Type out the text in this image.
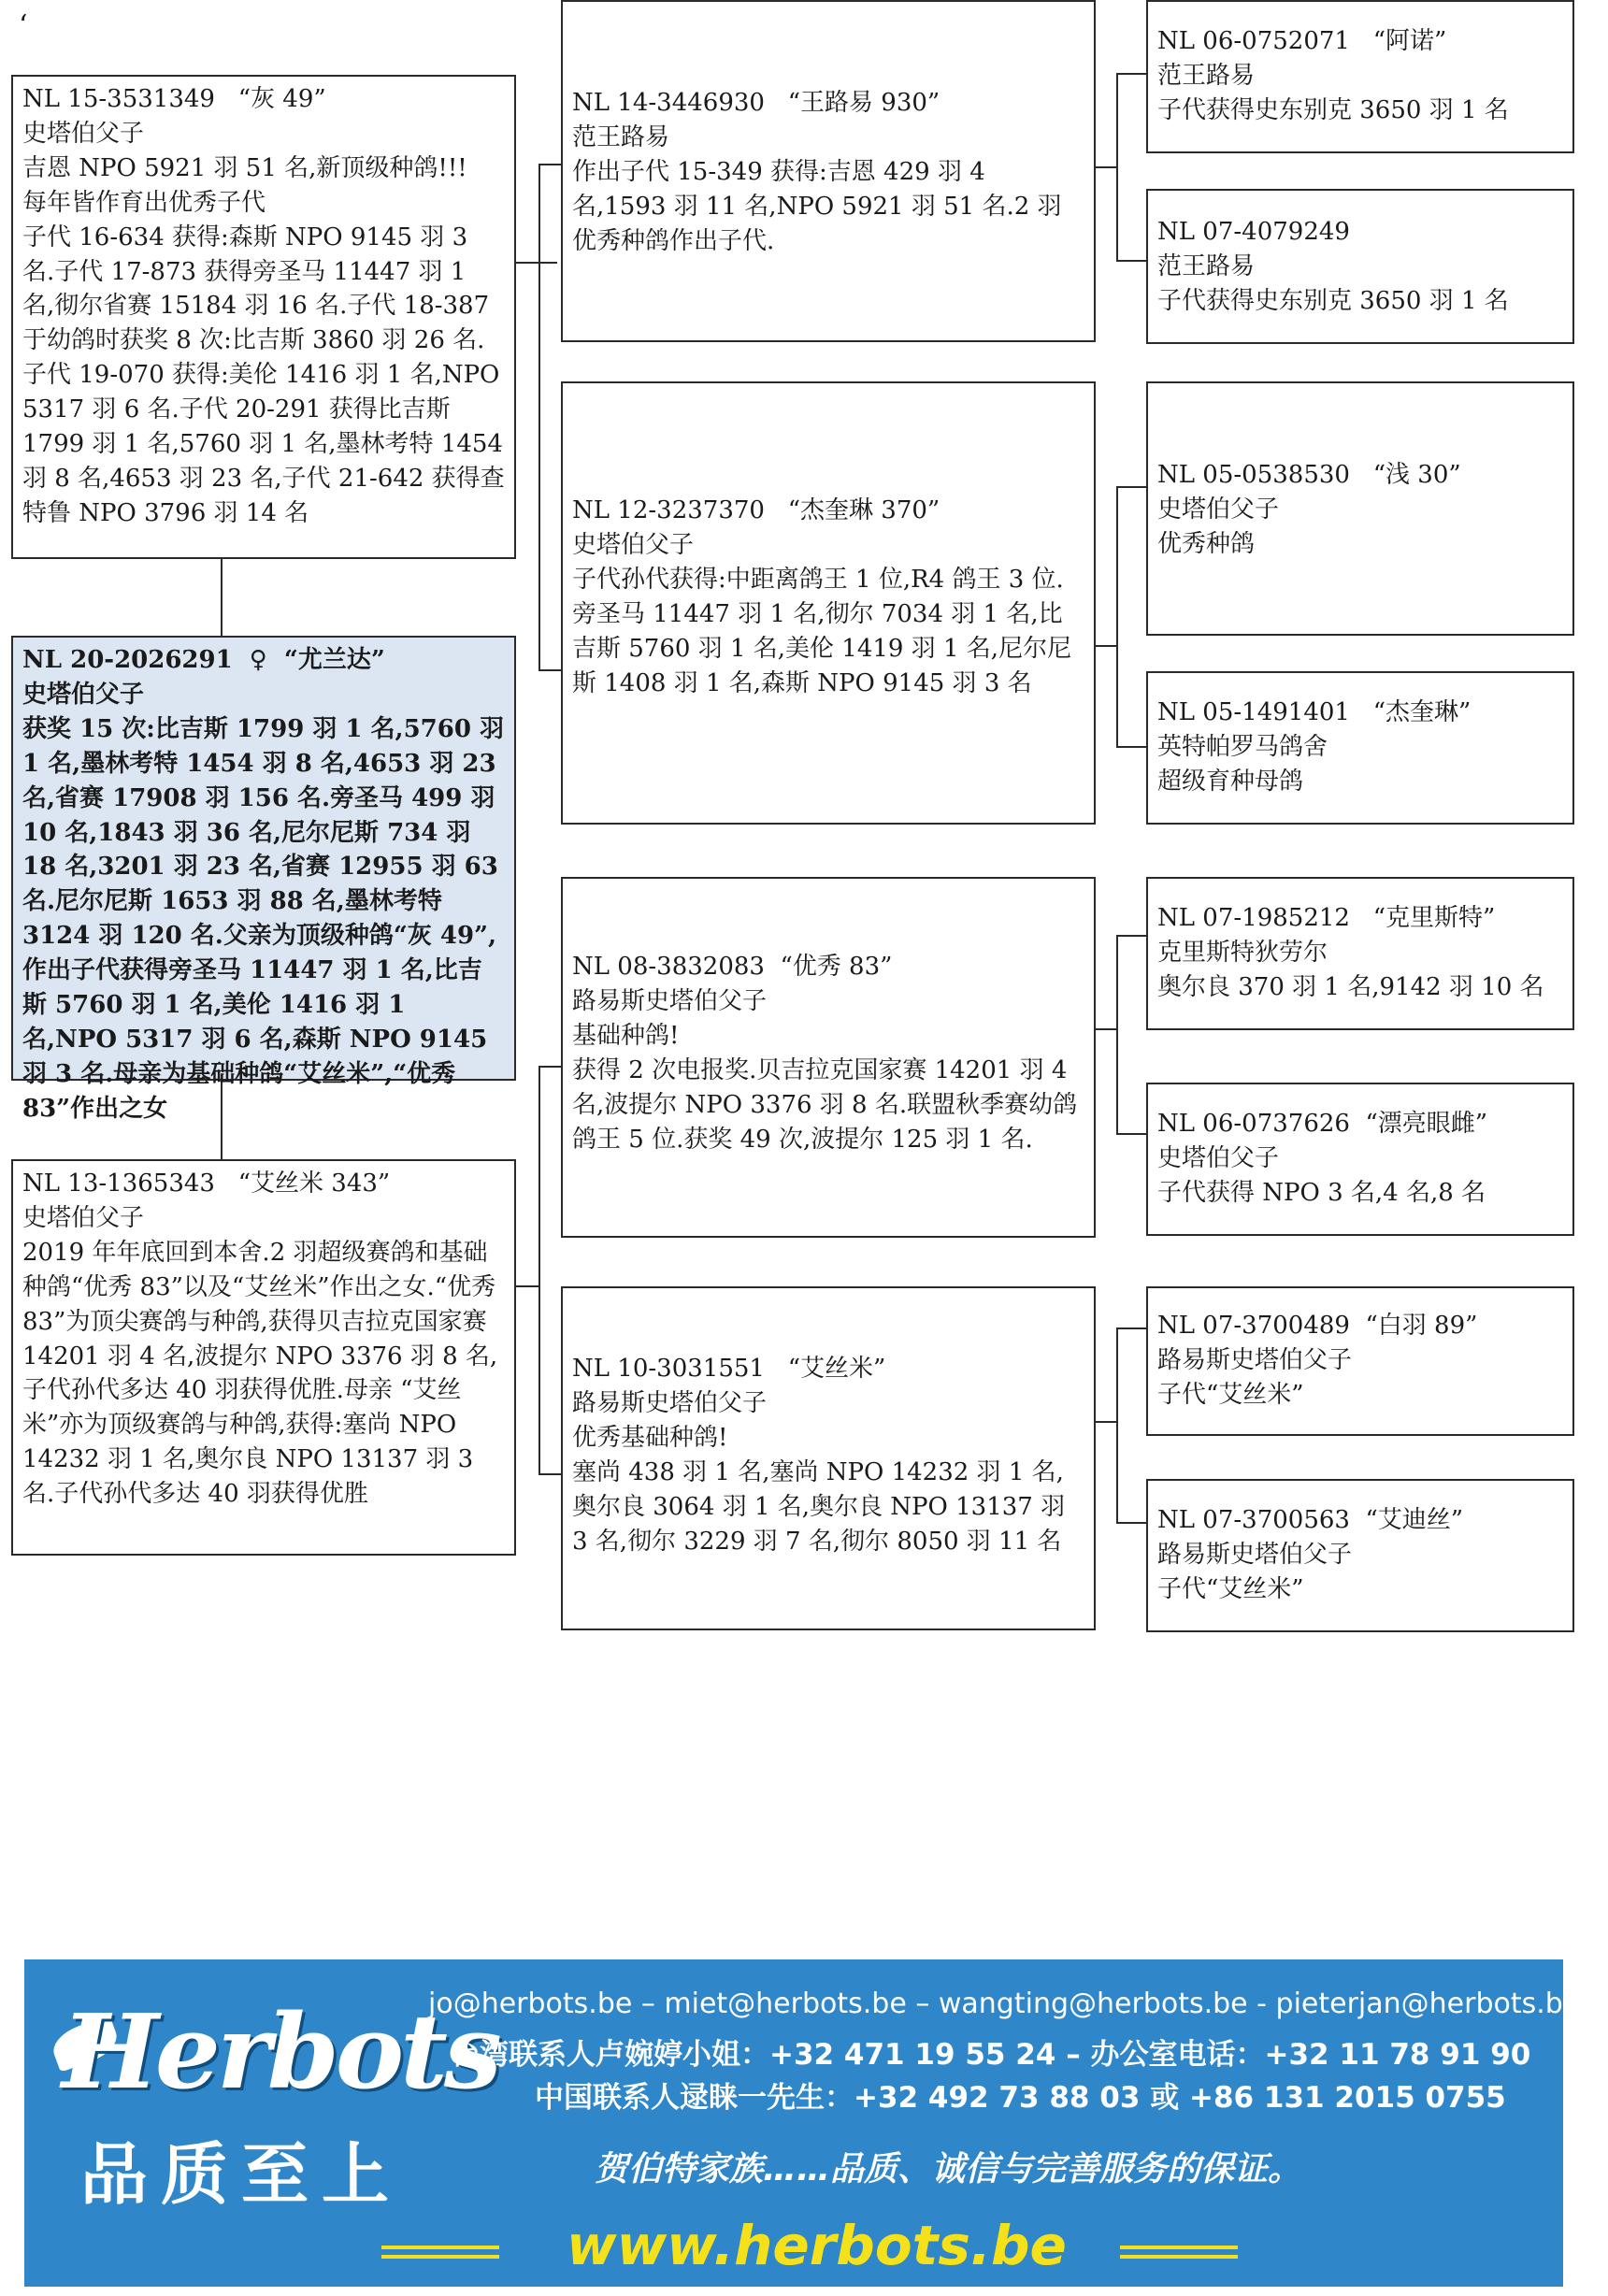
‘
NL 15-3531349   “灰 49”
史塔伯父子
吉恩 NPO 5921 羽 51 名,新顶级种鸽!!!
每年皆作育出优秀子代
子代 16-634 获得:森斯 NPO 9145 羽 3 名.子代 17-873 获得旁圣马 11447 羽 1 名,彻尔省赛 15184 羽 16 名.子代 18-387 于幼鸽时获奖 8 次:比吉斯 3860 羽 26 名.子代 19-070 获得:美伦 1416 羽 1 名,NPO 5317 羽 6 名.子代 20-291 获得比吉斯 1799 羽 1 名,5760 羽 1 名,墨林考特 1454 羽 8 名,4653 羽 23 名,子代 21-642 获得查特鲁 NPO 3796 羽 14 名
NL 20-2026291  ♀  “尤兰达”
史塔伯父子
获奖 15 次:比吉斯 1799 羽 1 名,5760 羽 1 名,墨林考特 1454 羽 8 名,4653 羽 23 名,省赛 17908 羽 156 名.旁圣马 499 羽 10 名,1843 羽 36 名,尼尔尼斯 734 羽 18 名,3201 羽 23 名,省赛 12955 羽 63 名.尼尔尼斯 1653 羽 88 名,墨林考特 3124 羽 120 名.父亲为顶级种鸽“灰 49”,作出子代获得旁圣马 11447 羽 1 名,比吉斯 5760 羽 1 名,美伦 1416 羽 1 名,NPO 5317 羽 6 名,森斯 NPO 9145 羽 3 名.母亲为基础种鸽“艾丝米”,“优秀 83”作出之女
NL 13-1365343   “艾丝米 343”
史塔伯父子
2019 年年底回到本舍.2 羽超级赛鸽和基础种鸽“优秀 83”以及“艾丝米”作出之女.“优秀 83”为顶尖赛鸽与种鸽,获得贝吉拉克国家赛 14201 羽 4 名,波提尔 NPO 3376 羽 8 名,子代孙代多达 40 羽获得优胜.母亲 “艾丝米”亦为顶级赛鸽与种鸽,获得:塞尚 NPO 14232 羽 1 名,奥尔良 NPO 13137 羽 3 名.子代孙代多达 40 羽获得优胜
NL 14-3446930   “王路易 930”
范王路易
作出子代 15-349 获得:吉恩 429 羽 4 名,1593 羽 11 名,NPO 5921 羽 51 名.2 羽优秀种鸽作出子代.
NL 12-3237370   “杰奎琳 370”
史塔伯父子
子代孙代获得:中距离鸽王 1 位,R4 鸽王 3 位.旁圣马 11447 羽 1 名,彻尔 7034 羽 1 名,比吉斯 5760 羽 1 名,美伦 1419 羽 1 名,尼尔尼斯 1408 羽 1 名,森斯 NPO 9145 羽 3 名
NL 08-3832083  “优秀 83”
路易斯史塔伯父子
基础种鸽!
获得 2 次电报奖.贝吉拉克国家赛 14201 羽 4 名,波提尔 NPO 3376 羽 8 名.联盟秋季赛幼鸽鸽王 5 位.获奖 49 次,波提尔 125 羽 1 名.
NL 10-3031551   “艾丝米”
路易斯史塔伯父子
优秀基础种鸽!
塞尚 438 羽 1 名,塞尚 NPO 14232 羽 1 名,奥尔良 3064 羽 1 名,奥尔良 NPO 13137 羽 3 名,彻尔 3229 羽 7 名,彻尔 8050 羽 11 名
NL 06-0752071   “阿诺”
范王路易
子代获得史东别克 3650 羽 1 名
NL 07-4079249
范王路易
子代获得史东别克 3650 羽 1 名
NL 05-0538530   “浅 30”
史塔伯父子
优秀种鸽
NL 05-1491401   “杰奎琳”
英特帕罗马鸽舍
超级育种母鸽
NL 07-1985212   “克里斯特”
克里斯特狄劳尔
奥尔良 370 羽 1 名,9142 羽 10 名
NL 06-0737626  “漂亮眼雌”
史塔伯父子
子代获得 NPO 3 名,4 名,8 名
NL 07-3700489  “白羽 89”
路易斯史塔伯父子
子代“艾丝米”
NL 07-3700563  “艾迪丝”
路易斯史塔伯父子
子代“艾丝米”
Herbots
品质至上
jo@herbots.be – miet@herbots.be – wangting@herbots.be - pieterjan@herbots.be
台湾联系人卢婉婷小姐：+32 471 19 55 24 – 办公室电话：+32 11 78 91 90
中国联系人逯睐一先生：+32 492 73 88 03 或 +86 131 2015 0755
贺伯特家族……品质、诚信与完善服务的保证。
www.herbots.be
